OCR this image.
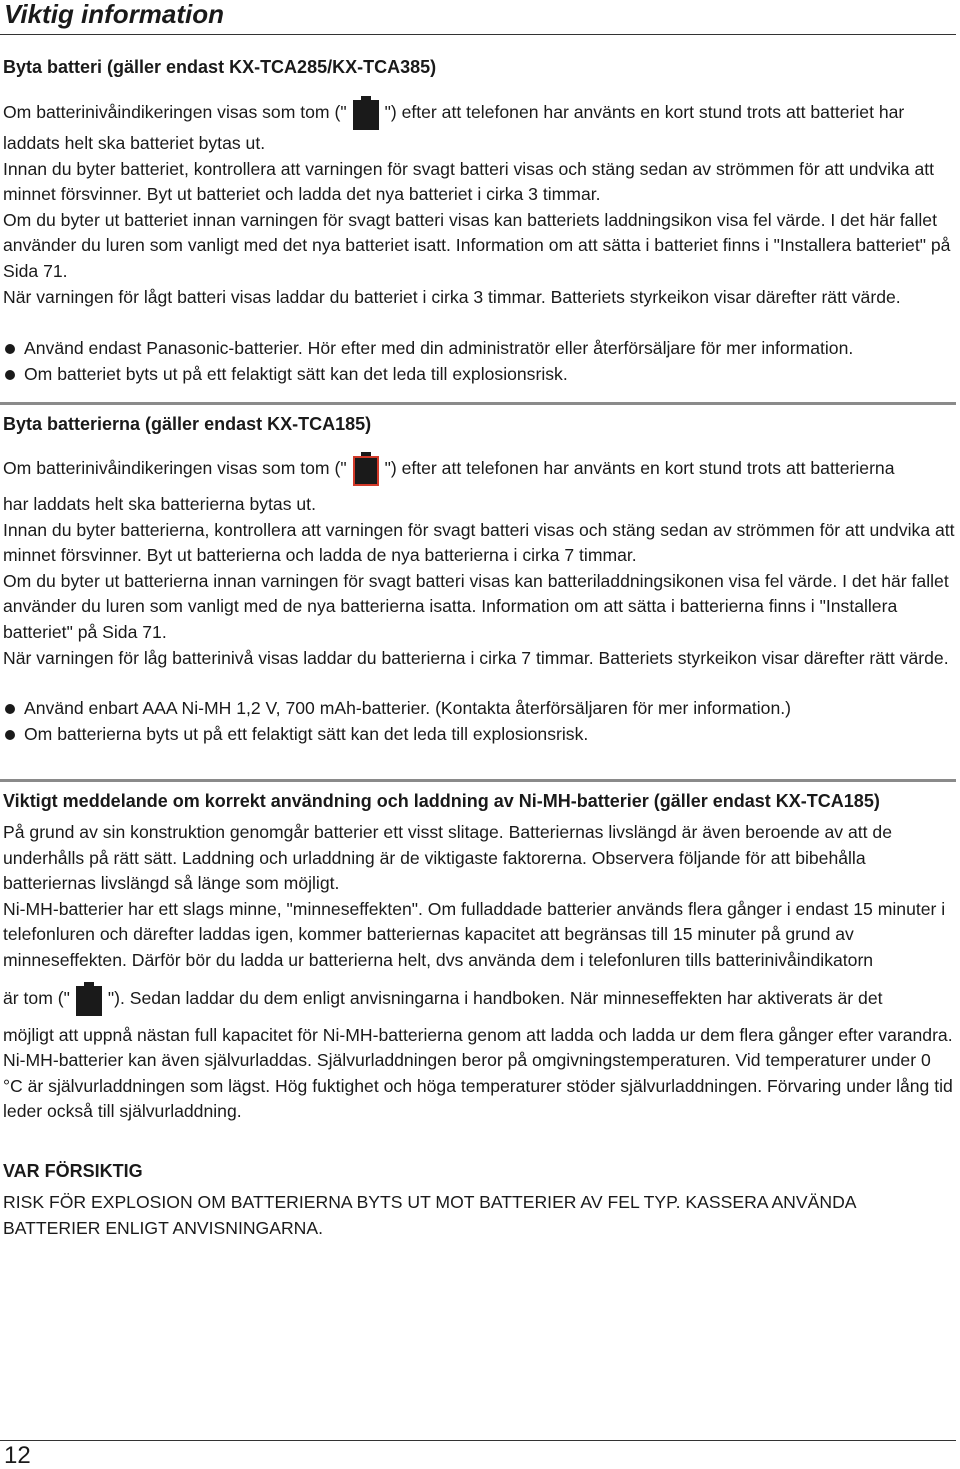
Viktig information
Byta batteri (gäller endast KX-TCA285/KX-TCA385)

Om batterinivåindikeringen visas som tom (" ") efter att telefonen har använts en kort stund trots att batteriet har

laddats helt ska batteriet bytas ut.

Innan du byter batteriet, kontrollera att varningen för svagt batteri visas och stäng sedan av strömmen för att undvika att minnet försvinner. Byt ut batteriet och ladda det nya batteriet i cirka 3 timmar.

Om du byter ut batteriet innan varningen för svagt batteri visas kan batteriets laddningsikon visa fel värde. I det här fallet använder du luren som vanligt med det nya batteriet isatt. Information om att sätta i batteriet finns i "Installera batteriet" på Sida 71.

När varningen för lågt batteri visas laddar du batteriet i cirka 3 timmar. Batteriets styrkeikon visar därefter rätt värde.

Använd endast Panasonic-batterier. Hör efter med din administratör eller återförsäljare för mer information.
Om batteriet byts ut på ett felaktigt sätt kan det leda till explosionsrisk.
Byta batterierna (gäller endast KX-TCA185)

Om batterinivåindikeringen visas som tom (" ") efter att telefonen har använts en kort stund trots att batterierna

har laddats helt ska batterierna bytas ut.

Innan du byter batterierna, kontrollera att varningen för svagt batteri visas och stäng sedan av strömmen för att undvika att minnet försvinner. Byt ut batterierna och ladda de nya batterierna i cirka 7 timmar.

Om du byter ut batterierna innan varningen för svagt batteri visas kan batteriladdningsikonen visa fel värde. I det här fallet använder du luren som vanligt med de nya batterierna isatta. Information om att sätta i batterierna finns i "Installera batteriet" på Sida 71.

När varningen för låg batterinivå visas laddar du batterierna i cirka 7 timmar. Batteriets styrkeikon visar därefter rätt värde.

Använd enbart AAA Ni-MH 1,2 V, 700 mAh-batterier. (Kontakta återförsäljaren för mer information.)
Om batterierna byts ut på ett felaktigt sätt kan det leda till explosionsrisk.
Viktigt meddelande om korrekt användning och laddning av Ni-MH-batterier (gäller endast KX-TCA185)

På grund av sin konstruktion genomgår batterier ett visst slitage. Batteriernas livslängd är även beroende av att de underhålls på rätt sätt. Laddning och urladdning är de viktigaste faktorerna. Observera följande för att bibehålla batteriernas livslängd så länge som möjligt.

Ni-MH-batterier har ett slags minne, "minneseffekten". Om fulladdade batterier används flera gånger i endast 15 minuter i telefonluren och därefter laddas igen, kommer batteriernas kapacitet att begränsas till 15 minuter på grund av minneseffekten. Därför bör du ladda ur batterierna helt, dvs använda dem i telefonluren tills batterinivåindikatorn

är tom (" "). Sedan laddar du dem enligt anvisningarna i handboken. När minneseffekten har aktiverats är det

möjligt att uppnå nästan full kapacitet för Ni-MH-batterierna genom att ladda och ladda ur dem flera gånger efter varandra.

Ni-MH-batterier kan även självurladdas. Självurladdningen beror på omgivningstemperaturen. Vid temperaturer under 0 °C är självurladdningen som lägst. Hög fuktighet och höga temperaturer stöder självurladdningen. Förvaring under lång tid leder också till självurladdning.

VAR FÖRSIKTIG

RISK FÖR EXPLOSION OM BATTERIERNA BYTS UT MOT BATTERIER AV FEL TYP. KASSERA ANVÄNDA BATTERIER ENLIGT ANVISNINGARNA.

12
